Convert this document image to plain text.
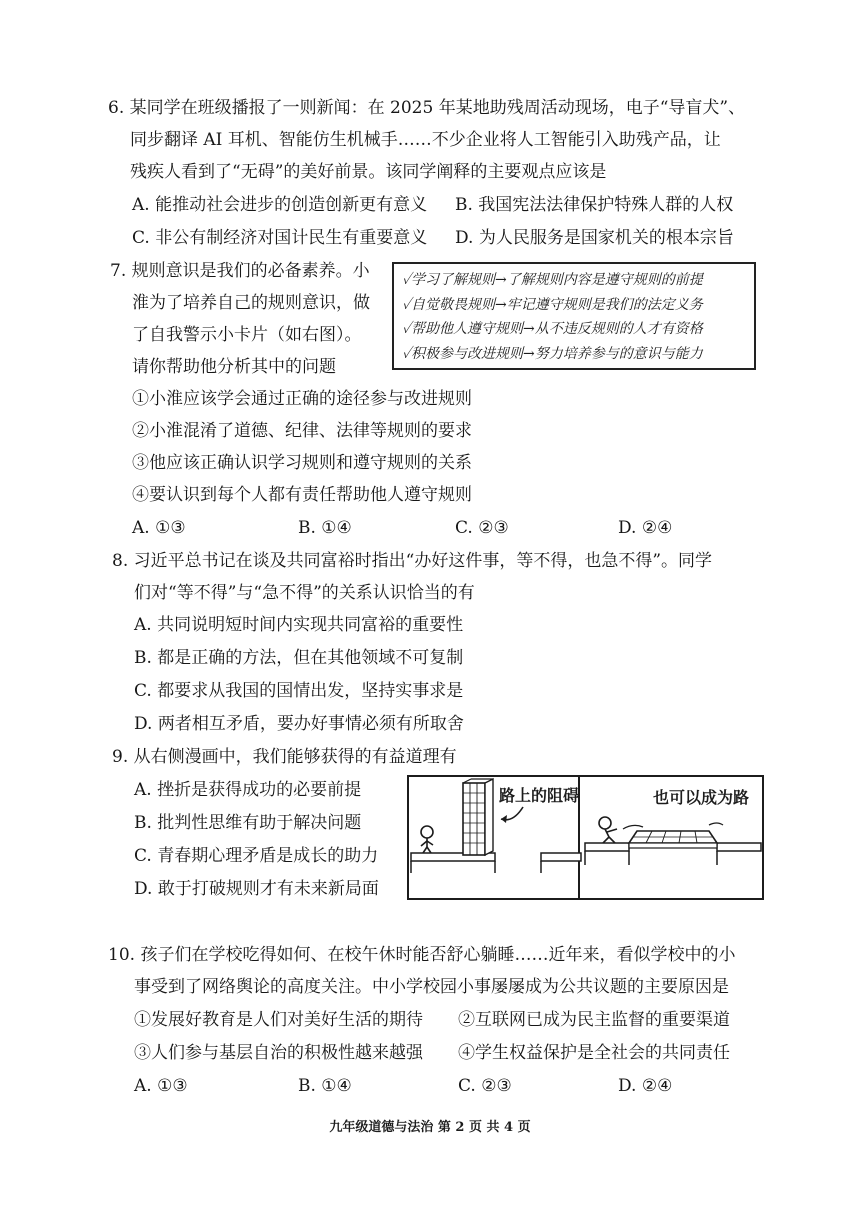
6. 某同学在班级播报了一则新闻：在 2025 年某地助残周活动现场，电子“导盲犬”、
同步翻译 AI 耳机、智能仿生机械手……不少企业将人工智能引入助残产品，让
残疾人看到了“无碍”的美好前景。该同学阐释的主要观点应该是
A. 能推动社会进步的创造创新更有意义 B. 我国宪法法律保护特殊人群的人权
C. 非公有制经济对国计民生有重要意义 D. 为人民服务是国家机关的根本宗旨
7. 规则意识是我们的必备素养。小
淮为了培养自己的规则意识，做
了自我警示小卡片（如右图）。
请你帮助他分析其中的问题
✓学习了解规则→了解规则内容是遵守规则的前提
✓自觉敬畏规则→牢记遵守规则是我们的法定义务
✓帮助他人遵守规则→从不违反规则的人才有资格
✓积极参与改进规则→努力培养参与的意识与能力
①小淮应该学会通过正确的途径参与改进规则
②小淮混淆了道德、纪律、法律等规则的要求
③他应该正确认识学习规则和遵守规则的关系
④要认识到每个人都有责任帮助他人遵守规则
A. ①③	B. ①④	C. ②③	D. ②④
8. 习近平总书记在谈及共同富裕时指出“办好这件事，等不得，也急不得”。同学
们对“等不得”与“急不得”的关系认识恰当的有
A. 共同说明短时间内实现共同富裕的重要性
B. 都是正确的方法，但在其他领域不可复制
C. 都要求从我国的国情出发，坚持实事求是
D. 两者相互矛盾，要办好事情必须有所取舍
9. 从右侧漫画中，我们能够获得的有益道理有
A. 挫折是获得成功的必要前提
B. 批判性思维有助于解决问题
C. 青春期心理矛盾是成长的助力
D. 敢于打破规则才有未来新局面
路上的阻碍	也可以成为路
10. 孩子们在学校吃得如何、在校午休时能否舒心躺睡……近年来，看似学校中的小
事受到了网络舆论的高度关注。中小学校园小事屡屡成为公共议题的主要原因是
①发展好教育是人们对美好生活的期待 ②互联网已成为民主监督的重要渠道
③人们参与基层自治的积极性越来越强 ④学生权益保护是全社会的共同责任
A. ①③	B. ①④	C. ②③	D. ②④
九年级道德与法治 第 2 页 共 4 页
